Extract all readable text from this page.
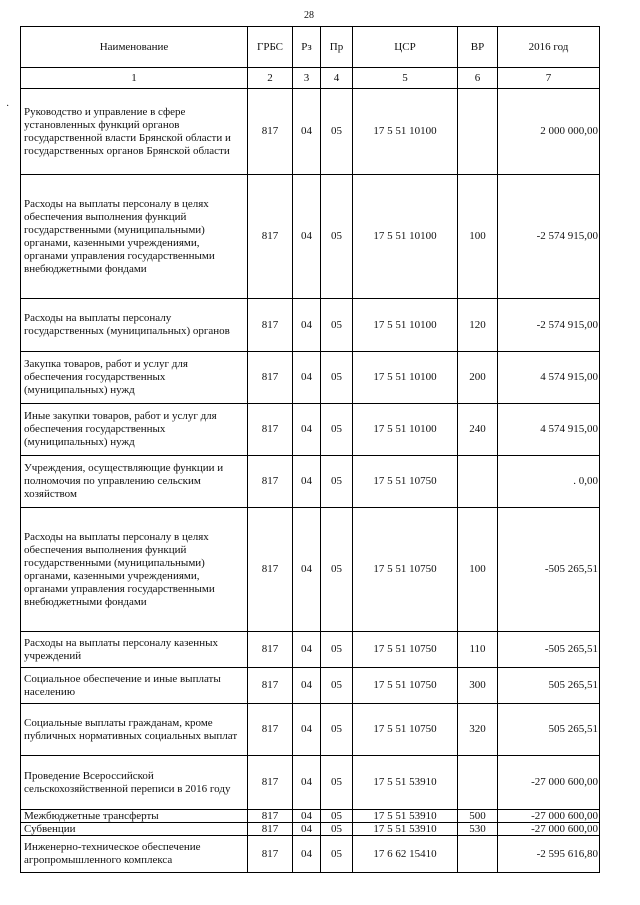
28
·
Наименование	ГРБС	Рз	Пр	ЦСР	ВР	2016 год
1	2	3	4	5	6	7
Руководство и управление в сфере установленных функций органов государственной власти Брянской области и государственных органов Брянской области	817	04	05	17 5 51 10100		2 000 000,00
Расходы на выплаты персоналу в целях обеспечения выполнения функций государственными (муниципальными) органами, казенными учреждениями, органами управления государственными внебюджетными фондами	817	04	05	17 5 51 10100	100	-2 574 915,00
Расходы на выплаты персоналу государственных (муниципальных) органов	817	04	05	17 5 51 10100	120	-2 574 915,00
Закупка товаров, работ и услуг для обеспечения государственных (муниципальных) нужд	817	04	05	17 5 51 10100	200	4 574 915,00
Иные закупки товаров, работ и услуг для обеспечения государственных (муниципальных) нужд	817	04	05	17 5 51 10100	240	4 574 915,00
Учреждения, осуществляющие функции и полномочия по управлению сельским хозяйством	817	04	05	17 5 51 10750		. 0,00
Расходы на выплаты персоналу в целях обеспечения выполнения функций государственными (муниципальными) органами, казенными учреждениями, органами управления государственными внебюджетными фондами	817	04	05	17 5 51 10750	100	-505 265,51
Расходы на выплаты персоналу казенных учреждений	817	04	05	17 5 51 10750	110	-505 265,51
Социальное обеспечение и иные выплаты населению	817	04	05	17 5 51 10750	300	505 265,51
Социальные выплаты гражданам, кроме публичных нормативных социальных выплат	817	04	05	17 5 51 10750	320	505 265,51
Проведение Всероссийской сельскохозяйственной переписи в 2016 году	817	04	05	17 5 51 53910		-27 000 600,00
Межбюджетные трансферты	817	04	05	17 5 51 53910	500	-27 000 600,00
Субвенции	817	04	05	17 5 51 53910	530	-27 000 600,00
Инженерно-техническое обеспечение агропромышленного комплекса	817	04	05	17 6 62 15410		-2 595 616,80
